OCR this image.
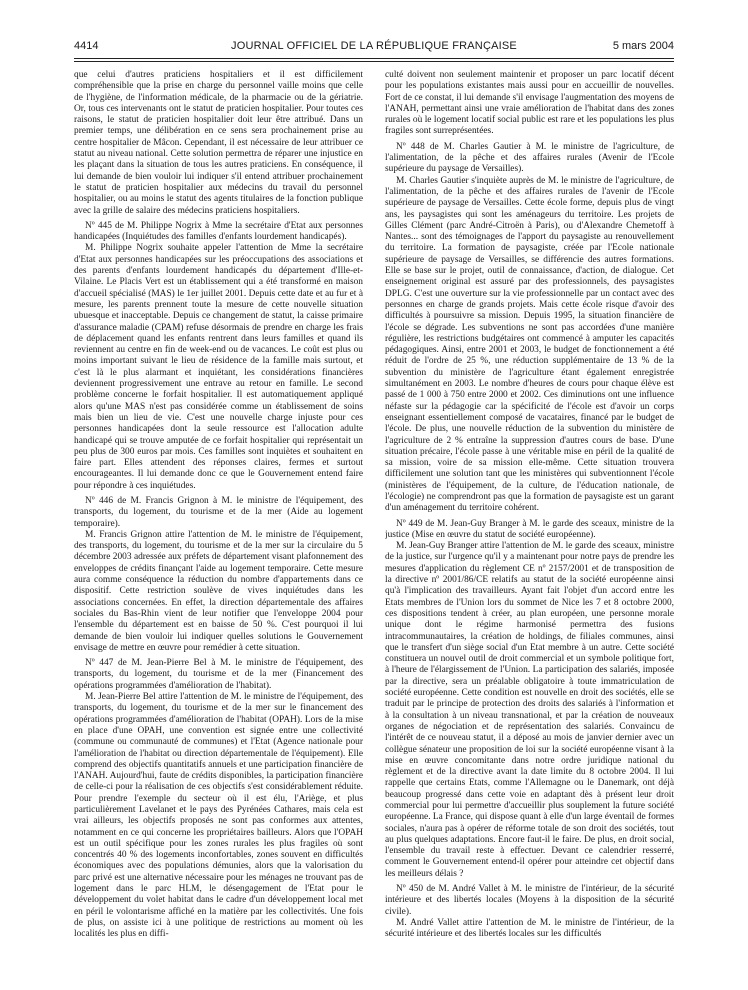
4414	JOURNAL OFFICIEL DE LA RÉPUBLIQUE FRANÇAISE	5 mars 2004

que celui d'autres praticiens hospitaliers et il est difficilement compréhensible que la prise en charge du personnel vaille moins que celle de l'hygiène, de l'information médicale, de la pharmacie ou de la gériatrie. Or, tous ces intervenants ont le statut de praticien hospitalier. Pour toutes ces raisons, le statut de praticien hospitalier doit leur être attribué. Dans un premier temps, une délibération en ce sens sera prochainement prise au centre hospitalier de Mâcon. Cependant, il est nécessaire de leur attribuer ce statut au niveau national. Cette solution permettra de réparer une injustice en les plaçant dans la situation de tous les autres praticiens. En conséquence, il lui demande de bien vouloir lui indiquer s'il entend attribuer prochainement le statut de praticien hospitalier aux médecins du travail du personnel hospitalier, ou au moins le statut des agents titulaires de la fonction publique avec la grille de salaire des médecins praticiens hospitaliers.

Nº 445 de M. Philippe Nogrix à Mme la secrétaire d'Etat aux personnes handicapées (Inquiétudes des familles d'enfants lourdement handicapés).

M. Philippe Nogrix souhaite appeler l'attention de Mme la secrétaire d'Etat aux personnes handicapées sur les préoccupations des associations et des parents d'enfants lourdement handicapés du département d'Ille-et-Vilaine. Le Placis Vert est un établissement qui a été transformé en maison d'accueil spécialisé (MAS) le 1er juillet 2001. Depuis cette date et au fur et à mesure, les parents prennent toute la mesure de cette nouvelle situation ubuesque et inacceptable. Depuis ce changement de statut, la caisse primaire d'assurance maladie (CPAM) refuse désormais de prendre en charge les frais de déplacement quand les enfants rentrent dans leurs familles et quand ils reviennent au centre en fin de week-end ou de vacances. Le coût est plus ou moins important suivant le lieu de résidence de la famille mais surtout, et c'est là le plus alarmant et inquiétant, les considérations financières deviennent progressivement une entrave au retour en famille. Le second problème concerne le forfait hospitalier. Il est automatiquement appliqué alors qu'une MAS n'est pas considérée comme un établissement de soins mais bien un lieu de vie. C'est une nouvelle charge injuste pour ces personnes handicapées dont la seule ressource est l'allocation adulte handicapé qui se trouve amputée de ce forfait hospitalier qui représentait un peu plus de 300 euros par mois. Ces familles sont inquiètes et souhaitent en faire part. Elles attendent des réponses claires, fermes et surtout encourageantes. Il lui demande donc ce que le Gouvernement entend faire pour répondre à ces inquiétudes.

Nº 446 de M. Francis Grignon à M. le ministre de l'équipement, des transports, du logement, du tourisme et de la mer (Aide au logement temporaire).

M. Francis Grignon attire l'attention de M. le ministre de l'équipement, des transports, du logement, du tourisme et de la mer sur la circulaire du 5 décembre 2003 adressée aux préfets de département visant plafonnement des enveloppes de crédits finançant l'aide au logement temporaire. Cette mesure aura comme conséquence la réduction du nombre d'appartements dans ce dispositif. Cette restriction soulève de vives inquiétudes dans les associations concernées. En effet, la direction départementale des affaires sociales du Bas-Rhin vient de leur notifier que l'enveloppe 2004 pour l'ensemble du département est en baisse de 50 %. C'est pourquoi il lui demande de bien vouloir lui indiquer quelles solutions le Gouvernement envisage de mettre en œuvre pour remédier à cette situation.

Nº 447 de M. Jean-Pierre Bel à M. le ministre de l'équipement, des transports, du logement, du tourisme et de la mer (Financement des opérations programmées d'amélioration de l'habitat).

M. Jean-Pierre Bel attire l'attention de M. le ministre de l'équipement, des transports, du logement, du tourisme et de la mer sur le financement des opérations programmées d'amélioration de l'habitat (OPAH). Lors de la mise en place d'une OPAH, une convention est signée entre une collectivité (commune ou communauté de communes) et l'Etat (Agence nationale pour l'amélioration de l'habitat ou direction départementale de l'équipement). Elle comprend des objectifs quantitatifs annuels et une participation financière de l'ANAH. Aujourd'hui, faute de crédits disponibles, la participation financière de celle-ci pour la réalisation de ces objectifs s'est considérablement réduite. Pour prendre l'exemple du secteur où il est élu, l'Ariège, et plus particulièrement Lavelanet et le pays des Pyrénées Cathares, mais cela est vrai ailleurs, les objectifs proposés ne sont pas conformes aux attentes, notamment en ce qui concerne les propriétaires bailleurs. Alors que l'OPAH est un outil spécifique pour les zones rurales les plus fragiles où sont concentrés 40 % des logements inconfortables, zones souvent en difficultés économiques avec des populations démunies, alors que la valorisation du parc privé est une alternative nécessaire pour les ménages ne trouvant pas de logement dans le parc HLM, le désengagement de l'Etat pour le développement du volet habitat dans le cadre d'un développement local met en péril le volontarisme affiché en la matière par les collectivités. Une fois de plus, on assiste ici à une politique de restrictions au moment où les localités les plus en diffi-

culté doivent non seulement maintenir et proposer un parc locatif décent pour les populations existantes mais aussi pour en accueillir de nouvelles. Fort de ce constat, il lui demande s'il envisage l'augmentation des moyens de l'ANAH, permettant ainsi une vraie amélioration de l'habitat dans des zones rurales où le logement locatif social public est rare et les populations les plus fragiles sont surreprésentées.

Nº 448 de M. Charles Gautier à M. le ministre de l'agriculture, de l'alimentation, de la pêche et des affaires rurales (Avenir de l'Ecole supérieure du paysage de Versailles).

M. Charles Gautier s'inquiète auprès de M. le ministre de l'agriculture, de l'alimentation, de la pêche et des affaires rurales de l'avenir de l'Ecole supérieure de paysage de Versailles. Cette école forme, depuis plus de vingt ans, les paysagistes qui sont les aménageurs du territoire. Les projets de Gilles Clément (parc André-Citroën à Paris), ou d'Alexandre Chemetoff à Nantes... sont des témoignages de l'apport du paysagiste au renouvellement du territoire. La formation de paysagiste, créée par l'Ecole nationale supérieure de paysage de Versailles, se différencie des autres formations. Elle se base sur le projet, outil de connaissance, d'action, de dialogue. Cet enseignement original est assuré par des professionnels, des paysagistes DPLG. C'est une ouverture sur la vie professionnelle par un contact avec des personnes en charge de grands projets. Mais cette école risque d'avoir des difficultés à poursuivre sa mission. Depuis 1995, la situation financière de l'école se dégrade. Les subventions ne sont pas accordées d'une manière régulière, les restrictions budgétaires ont commencé à amputer les capacités pédagogiques. Ainsi, entre 2001 et 2003, le budget de fonctionnement a été réduit de l'ordre de 25 %, une réduction supplémentaire de 13 % de la subvention du ministère de l'agriculture étant également enregistrée simultanément en 2003. Le nombre d'heures de cours pour chaque élève est passé de 1 000 à 750 entre 2000 et 2002. Ces diminutions ont une influence néfaste sur la pédagogie car la spécificité de l'école est d'avoir un corps enseignant essentiellement composé de vacataires, financé par le budget de l'école. De plus, une nouvelle réduction de la subvention du ministère de l'agriculture de 2 % entraîne la suppression d'autres cours de base. D'une situation précaire, l'école passe à une véritable mise en péril de la qualité de sa mission, voire de sa mission elle-même. Cette situation trouvera difficilement une solution tant que les ministères qui subventionnent l'école (ministères de l'équipement, de la culture, de l'éducation nationale, de l'écologie) ne comprendront pas que la formation de paysagiste est un garant d'un aménagement du territoire cohérent.

Nº 449 de M. Jean-Guy Branger à M. le garde des sceaux, ministre de la justice (Mise en œuvre du statut de société européenne).

M. Jean-Guy Branger attire l'attention de M. le garde des sceaux, ministre de la justice, sur l'urgence qu'il y a maintenant pour notre pays de prendre les mesures d'application du règlement CE nº 2157/2001 et de transposition de la directive nº 2001/86/CE relatifs au statut de la société européenne ainsi qu'à l'implication des travailleurs. Ayant fait l'objet d'un accord entre les Etats membres de l'Union lors du sommet de Nice les 7 et 8 octobre 2000, ces dispositions tendent à créer, au plan européen, une personne morale unique dont le régime harmonisé permettra des fusions intracommunautaires, la création de holdings, de filiales communes, ainsi que le transfert d'un siège social d'un Etat membre à un autre. Cette société constituera un nouvel outil de droit commercial et un symbole politique fort, à l'heure de l'élargissement de l'Union. La participation des salariés, imposée par la directive, sera un préalable obligatoire à toute immatriculation de société européenne. Cette condition est nouvelle en droit des sociétés, elle se traduit par le principe de protection des droits des salariés à l'information et à la consultation à un niveau transnational, et par la création de nouveaux organes de négociation et de représentation des salariés. Convaincu de l'intérêt de ce nouveau statut, il a déposé au mois de janvier dernier avec un collègue sénateur une proposition de loi sur la société européenne visant à la mise en œuvre concomitante dans notre ordre juridique national du règlement et de la directive avant la date limite du 8 octobre 2004. Il lui rappelle que certains Etats, comme l'Allemagne ou le Danemark, ont déjà beaucoup progressé dans cette voie en adaptant dès à présent leur droit commercial pour lui permettre d'accueillir plus souplement la future société européenne. La France, qui dispose quant à elle d'un large éventail de formes sociales, n'aura pas à opérer de réforme totale de son droit des sociétés, tout au plus quelques adaptations. Encore faut-il le faire. De plus, en droit social, l'ensemble du travail reste à effectuer. Devant ce calendrier resserré, comment le Gouvernement entend-il opérer pour atteindre cet objectif dans les meilleurs délais ?

Nº 450 de M. André Vallet à M. le ministre de l'intérieur, de la sécurité intérieure et des libertés locales (Moyens à la disposition de la sécurité civile).

M. André Vallet attire l'attention de M. le ministre de l'intérieur, de la sécurité intérieure et des libertés locales sur les difficultés
